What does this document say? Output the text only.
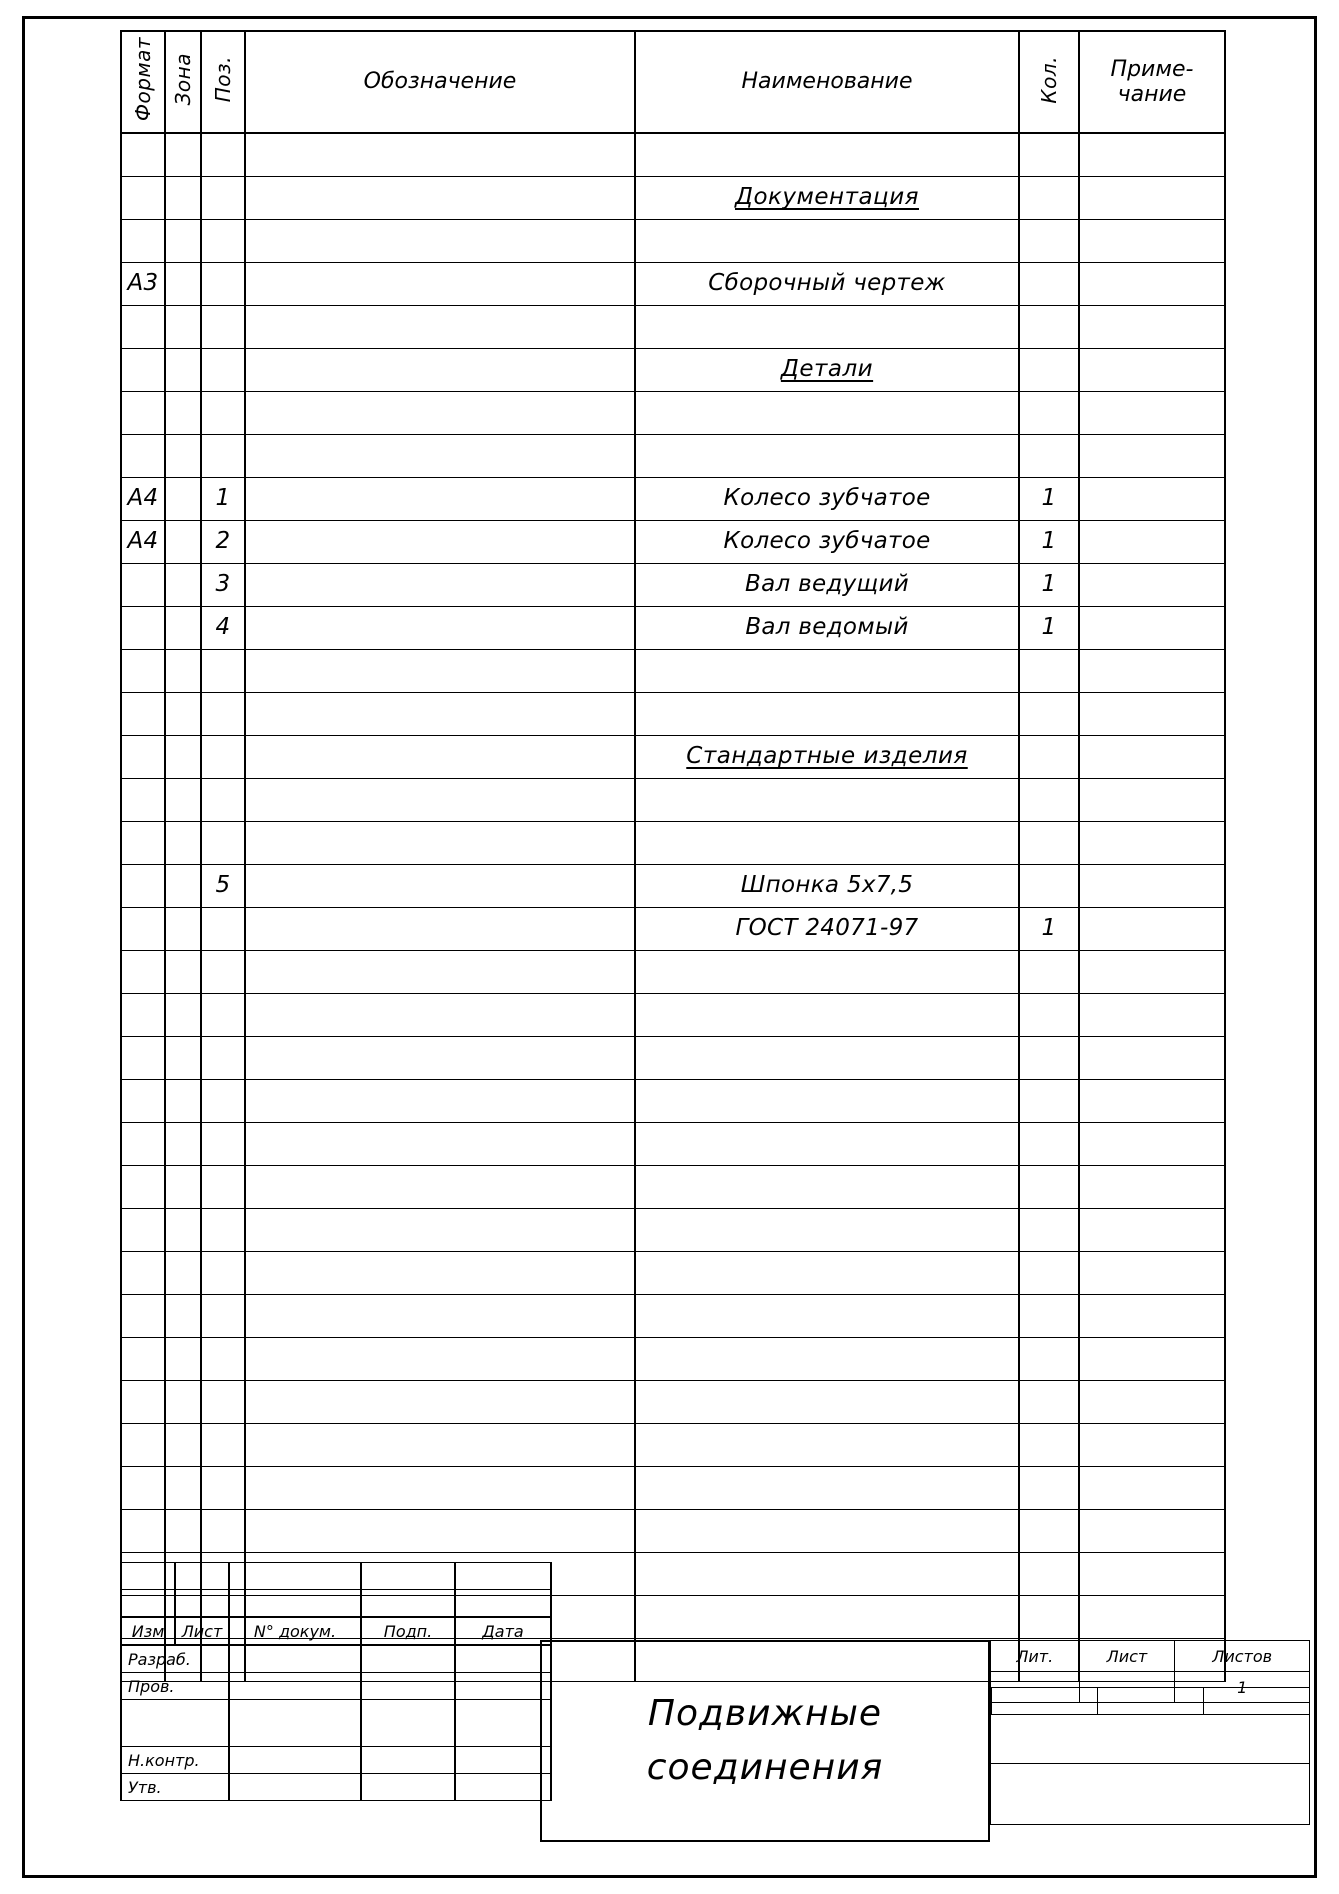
Формат	Зона	Поз.	Обозначение	Наименование	Кол.	Приме-
чание

				Документация		

А3				Сборочный чертеж		

				Детали		

А4		1		Колесо зубчатое	1	
А4		2		Колесо зубчатое	1	
		3		Вал ведущий	1	
		4		Вал ведомый	1	

				Стандартные изделия		

		5		Шпонка 5x7,5		
				ГОСТ 24071-97	1	

Изм	Лист	N° докум.	Подп.	Дата
Разраб.				
Пров.				

Н.контр.				
Утв.				
Подвижные
соединения
Лит.	Лист	Листов

		1
